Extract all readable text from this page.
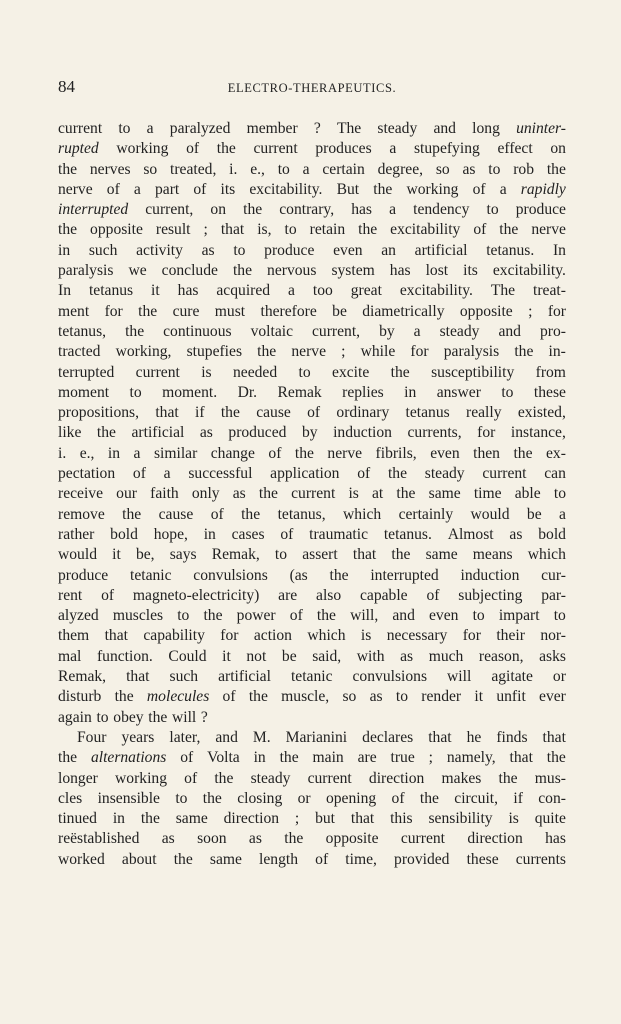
84	ELECTRO-THERAPEUTICS.
current to a paralyzed member ? The steady and long uninter-
rupted working of the current produces a stupefying effect on
the nerves so treated, i. e., to a certain degree, so as to rob the
nerve of a part of its excitability. But the working of a rapidly
interrupted current, on the contrary, has a tendency to produce
the opposite result ; that is, to retain the excitability of the nerve
in such activity as to produce even an artificial tetanus. In
paralysis we conclude the nervous system has lost its excitability.
In tetanus it has acquired a too great excitability. The treat-
ment for the cure must therefore be diametrically opposite ; for
tetanus, the continuous voltaic current, by a steady and pro-
tracted working, stupefies the nerve ; while for paralysis the in-
terrupted current is needed to excite the susceptibility from
moment to moment. Dr. Remak replies in answer to these
propositions, that if the cause of ordinary tetanus really existed,
like the artificial as produced by induction currents, for instance,
i. e., in a similar change of the nerve fibrils, even then the ex-
pectation of a successful application of the steady current can
receive our faith only as the current is at the same time able to
remove the cause of the tetanus, which certainly would be a
rather bold hope, in cases of traumatic tetanus. Almost as bold
would it be, says Remak, to assert that the same means which
produce tetanic convulsions (as the interrupted induction cur-
rent of magneto-electricity) are also capable of subjecting par-
alyzed muscles to the power of the will, and even to impart to
them that capability for action which is necessary for their nor-
mal function. Could it not be said, with as much reason, asks
Remak, that such artificial tetanic convulsions will agitate or
disturb the molecules of the muscle, so as to render it unfit ever
again to obey the will ?
Four years later, and M. Marianini declares that he finds that
the alternations of Volta in the main are true ; namely, that the
longer working of the steady current direction makes the mus-
cles insensible to the closing or opening of the circuit, if con-
tinued in the same direction ; but that this sensibility is quite
reëstablished as soon as the opposite current direction has
worked about the same length of time, provided these currents
